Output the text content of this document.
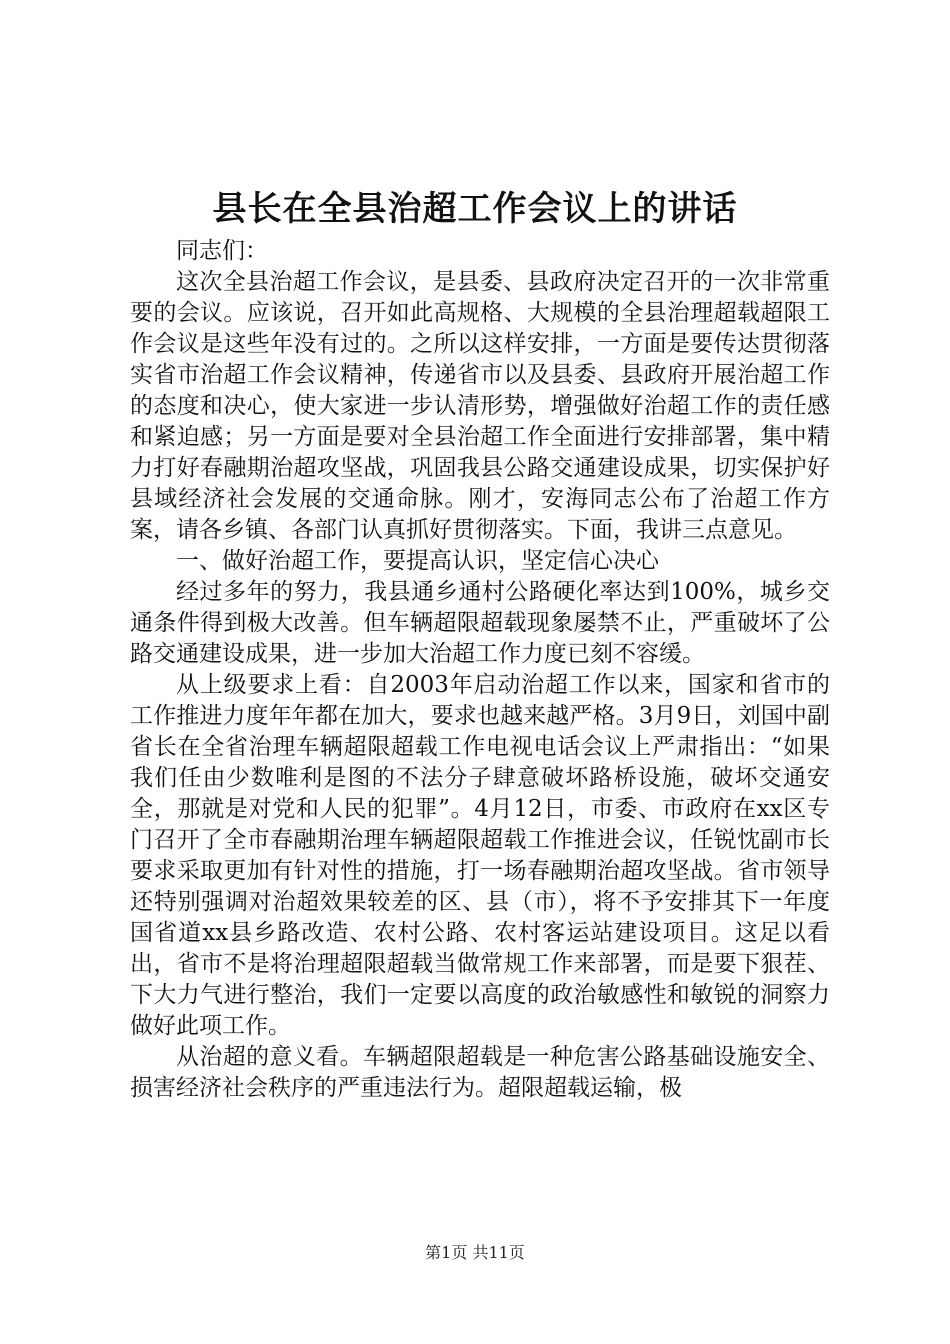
县长在全县治超工作会议上的讲话

同志们：

这次全县治超工作会议，是县委、县政府决定召开的一次非常重要的会议。应该说，召开如此高规格、大规模的全县治理超载超限工作会议是这些年没有过的。之所以这样安排，一方面是要传达贯彻落实省市治超工作会议精神，传递省市以及县委、县政府开展治超工作的态度和决心，使大家进一步认清形势，增强做好治超工作的责任感和紧迫感；另一方面是要对全县治超工作全面进行安排部署，集中精力打好春融期治超攻坚战，巩固我县公路交通建设成果，切实保护好县域经济社会发展的交通命脉。刚才，安海同志公布了治超工作方案，请各乡镇、各部门认真抓好贯彻落实。下面，我讲三点意见。

一、做好治超工作，要提高认识，坚定信心决心

经过多年的努力，我县通乡通村公路硬化率达到100%，城乡交通条件得到极大改善。但车辆超限超载现象屡禁不止，严重破坏了公路交通建设成果，进一步加大治超工作力度已刻不容缓。

从上级要求上看：自2003年启动治超工作以来，国家和省市的工作推进力度年年都在加大，要求也越来越严格。3月9日，刘国中副省长在全省治理车辆超限超载工作电视电话会议上严肃指出：“如果我们任由少数唯利是图的不法分子肆意破坏路桥设施，破坏交通安全，那就是对党和人民的犯罪”。4月12日，市委、市政府在xx区专门召开了全市春融期治理车辆超限超载工作推进会议，任锐忱副市长要求采取更加有针对性的措施，打一场春融期治超攻坚战。省市领导还特别强调对治超效果较差的区、县（市），将不予安排其下一年度国省道xx县乡路改造、农村公路、农村客运站建设项目。这足以看出，省市不是将治理超限超载当做常规工作来部署，而是要下狠茬、下大力气进行整治，我们一定要以高度的政治敏感性和敏锐的洞察力做好此项工作。

从治超的意义看。车辆超限超载是一种危害公路基础设施安全、损害经济社会秩序的严重违法行为。超限超载运输，极

第1页 共11页
